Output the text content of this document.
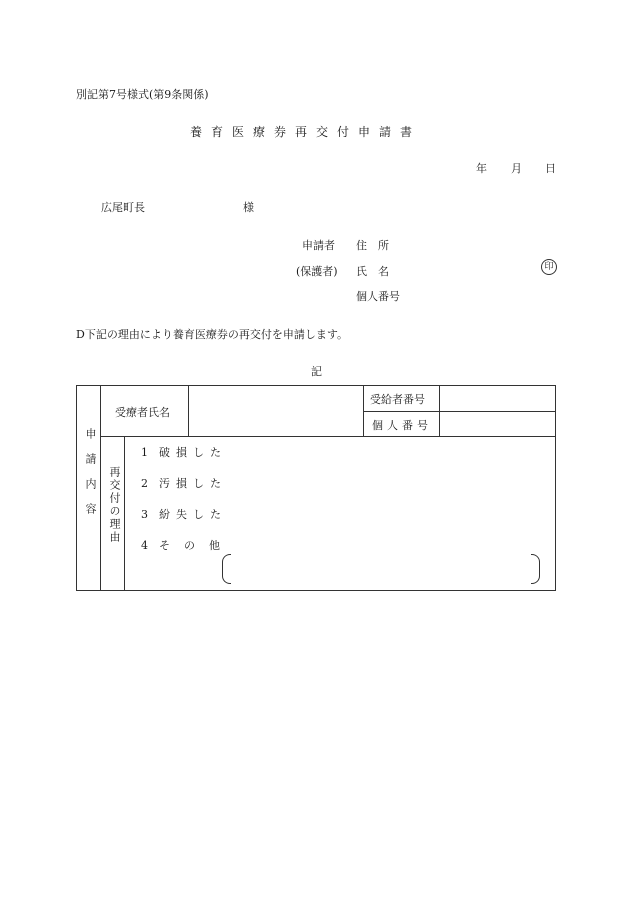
別記第7号様式(第9条関係)
養育医療券再交付申請書
年 月 日
広尾町長	様
申請者 住　所
(保護者) 氏　名	印
個人番号
D下記の理由により養育医療券の再交付を申請します。
記
申請内容
受療者氏名
受給者番号
個人番号
再交付の理由
1 破損した
2 汚損した
3 紛失した
4 その他
